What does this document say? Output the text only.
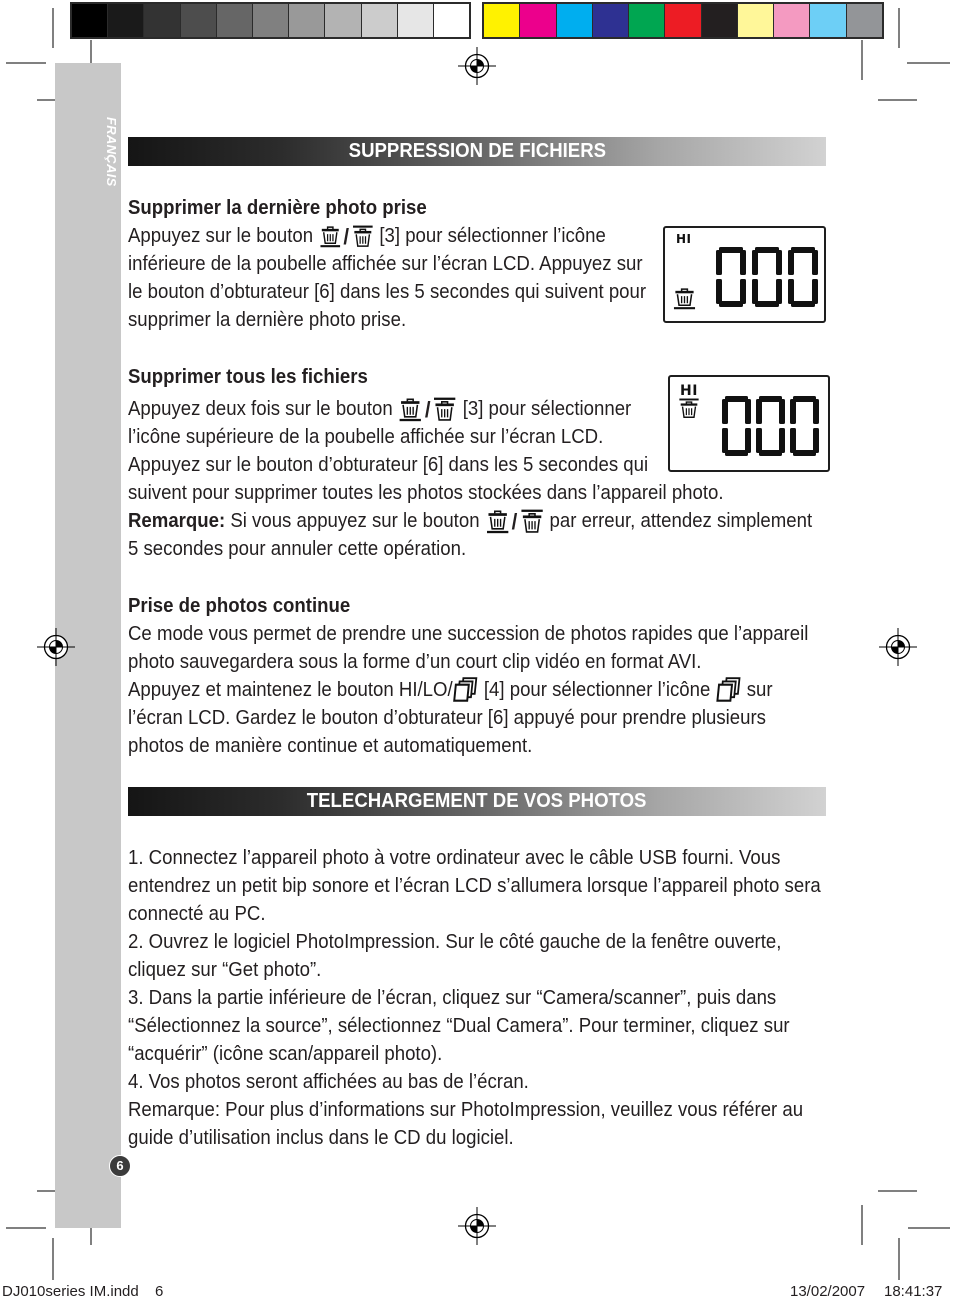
FRANÇAIS	SUPPRESSION DE FICHIERS
Supprimer la dernière photo prise
Appuyez sur le bouton / [3] pour sélectionner l’icône
inférieure de la poubelle affichée sur l’écran LCD. Appuyez sur
le bouton d’obturateur [6] dans les 5 secondes qui suivent pour
supprimer la dernière photo prise.
HI
Supprimer tous les fichiers
Appuyez deux fois sur le bouton / [3] pour sélectionner
l’icône supérieure de la poubelle affichée sur l’écran LCD.
Appuyez sur le bouton d’obturateur [6] dans les 5 secondes qui
suivent pour supprimer toutes les photos stockées dans l’appareil photo.
Remarque: Si vous appuyez sur le bouton / par erreur, attendez simplement
5 secondes pour annuler cette opération.
HI
Prise de photos continue
Ce mode vous permet de prendre une succession de photos rapides que l’appareil
photo sauvegardera sous la forme d’un court clip vidéo en format AVI.
Appuyez et maintenez le bouton HI/LO/ [4] pour sélectionner l’icône sur
l’écran LCD. Gardez le bouton d’obturateur [6] appuyé pour prendre plusieurs
photos de manière continue et automatiquement.
TELECHARGEMENT DE VOS PHOTOS
1. Connectez l’appareil photo à votre ordinateur avec le câble USB fourni. Vous
entendrez un petit bip sonore et l’écran LCD s’allumera lorsque l’appareil photo sera
connecté au PC.
2. Ouvrez le logiciel PhotoImpression. Sur le côté gauche de la fenêtre ouverte,
cliquez sur “Get photo”.
3. Dans la partie inférieure de l’écran, cliquez sur “Camera/scanner”, puis dans
“Sélectionnez la source”, sélectionnez “Dual Camera”. Pour terminer, cliquez sur
“acquérir” (icône scan/appareil photo).
4. Vos photos seront affichées au bas de l’écran.
Remarque: Pour plus d’informations sur PhotoImpression, veuillez vous référer au
guide d’utilisation inclus dans le CD du logiciel.
6
DJ010series IM.indd 6	13/02/2007 18:41:37
